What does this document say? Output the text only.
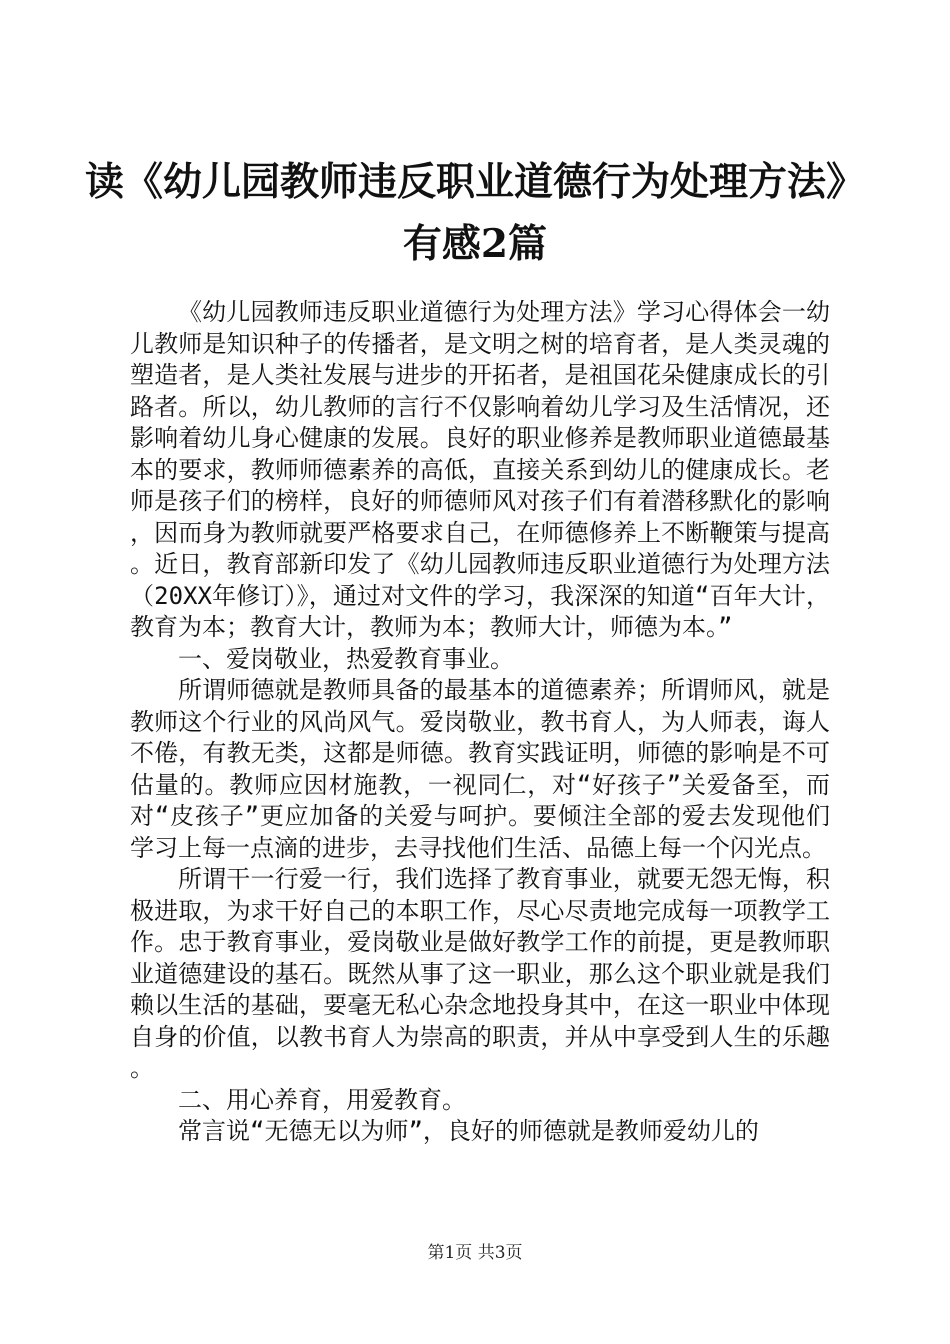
读《幼儿园教师违反职业道德行为处理方法》
有感2篇

《幼儿园教师违反职业道德行为处理方法》学习心得体会一幼儿教师是知识种子的传播者，是文明之树的培育者，是人类灵魂的塑造者，是人类社发展与进步的开拓者，是祖国花朵健康成长的引路者。所以，幼儿教师的言行不仅影响着幼儿学习及生活情况，还影响着幼儿身心健康的发展。良好的职业修养是教师职业道德最基本的要求，教师师德素养的高低，直接关系到幼儿的健康成长。老师是孩子们的榜样，良好的师德师风对孩子们有着潜移默化的影响，因而身为教师就要严格要求自己，在师德修养上不断鞭策与提高。近日，教育部新印发了《幼儿园教师违反职业道德行为处理方法（20XX年修订）》，通过对文件的学习，我深深的知道“百年大计，教育为本；教育大计，教师为本；教师大计，师德为本。”

一、爱岗敬业，热爱教育事业。

所谓师德就是教师具备的最基本的道德素养；所谓师风，就是教师这个行业的风尚风气。爱岗敬业，教书育人，为人师表，诲人不倦，有教无类，这都是师德。教育实践证明，师德的影响是不可估量的。教师应因材施教，一视同仁，对“好孩子”关爱备至，而对“皮孩子”更应加备的关爱与呵护。要倾注全部的爱去发现他们学习上每一点滴的进步，去寻找他们生活、品德上每一个闪光点。

所谓干一行爱一行，我们选择了教育事业，就要无怨无悔，积极进取，为求干好自己的本职工作，尽心尽责地完成每一项教学工作。忠于教育事业，爱岗敬业是做好教学工作的前提，更是教师职业道德建设的基石。既然从事了这一职业，那么这个职业就是我们赖以生活的基础，要毫无私心杂念地投身其中，在这一职业中体现自身的价值，以教书育人为崇高的职责，并从中享受到人生的乐趣。

二、用心养育，用爱教育。

常言说“无德无以为师”，良好的师德就是教师爱幼儿的

第1页 共3页
